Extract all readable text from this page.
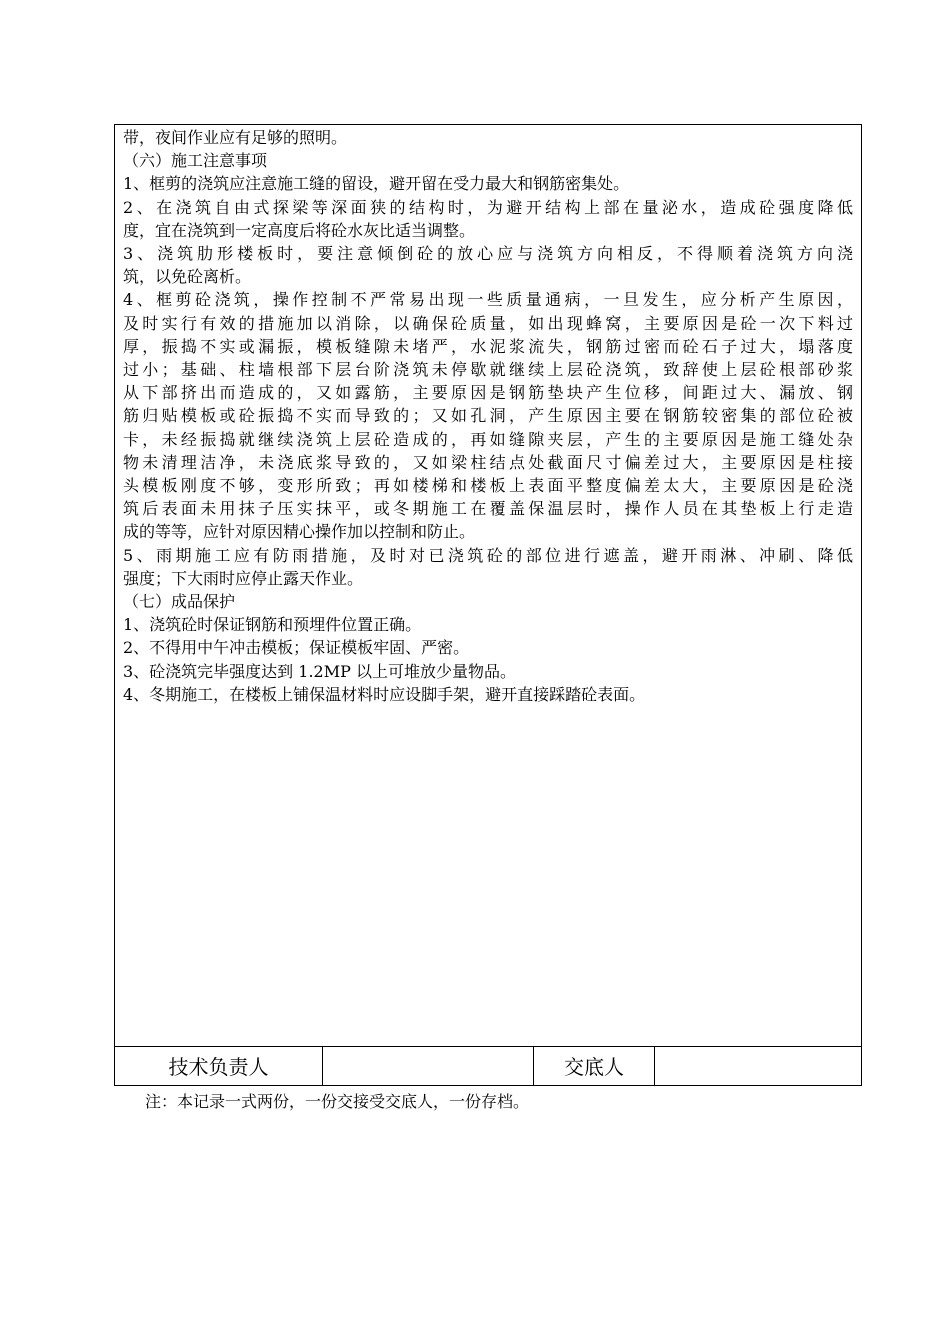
带，夜间作业应有足够的照明。
（六）施工注意事项
1、框剪的浇筑应注意施工缝的留设，避开留在受力最大和钢筋密集处。
2、在浇筑自由式探梁等深面狭的结构时，为避开结构上部在量泌水，造成砼强度降低
度，宜在浇筑到一定高度后将砼水灰比适当调整。
3、浇筑肋形楼板时，要注意倾倒砼的放心应与浇筑方向相反，不得顺着浇筑方向浇
筑，以免砼离析。
4、框剪砼浇筑，操作控制不严常易出现一些质量通病，一旦发生，应分析产生原因，
及时实行有效的措施加以消除，以确保砼质量，如出现蜂窝，主要原因是砼一次下料过
厚，振捣不实或漏振，模板缝隙未堵严，水泥浆流失，钢筋过密而砼石子过大，塌落度
过小；基础、柱墙根部下层台阶浇筑未停歇就继续上层砼浇筑，致辞使上层砼根部砂浆
从下部挤出而造成的，又如露筋，主要原因是钢筋垫块产生位移，间距过大、漏放、钢
筋归贴模板或砼振捣不实而导致的；又如孔洞，产生原因主要在钢筋较密集的部位砼被
卡，未经振捣就继续浇筑上层砼造成的，再如缝隙夹层，产生的主要原因是施工缝处杂
物未清理洁净，未浇底浆导致的，又如梁柱结点处截面尺寸偏差过大，主要原因是柱接
头模板刚度不够，变形所致；再如楼梯和楼板上表面平整度偏差太大，主要原因是砼浇
筑后表面未用抹子压实抹平，或冬期施工在覆盖保温层时，操作人员在其垫板上行走造
成的等等，应针对原因精心操作加以控制和防止。
5、雨期施工应有防雨措施，及时对已浇筑砼的部位进行遮盖，避开雨淋、冲刷、降低
强度；下大雨时应停止露天作业。
（七）成品保护
1、浇筑砼时保证钢筋和预埋件位置正确。
2、不得用中午冲击模板；保证模板牢固、严密。
3、砼浇筑完毕强度达到 1.2MP 以上可堆放少量物品。
4、冬期施工，在楼板上铺保温材料时应设脚手架，避开直接踩踏砼表面。
技术负责人	交底人
注：本记录一式两份，一份交接受交底人，一份存档。
